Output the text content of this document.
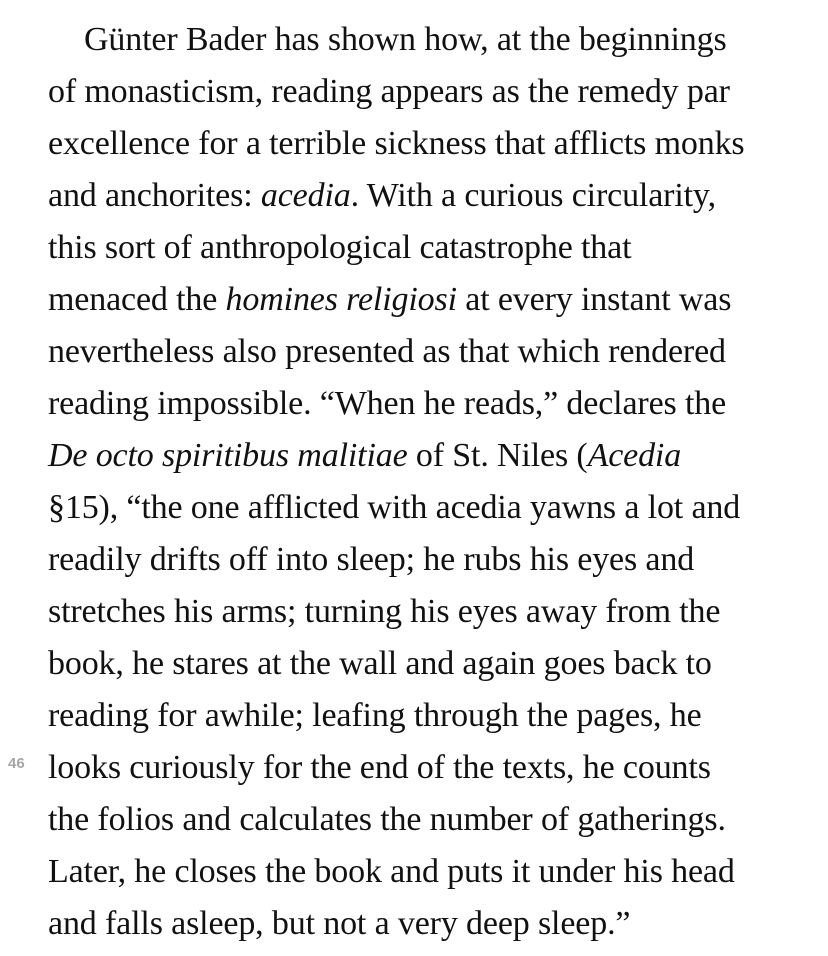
46

Günter Bader has shown how, at the beginnings
of monasticism, reading appears as the remedy par
excellence for a terrible sickness that afflicts monks
and anchorites: acedia. With a curious circularity,
this sort of anthropological catastrophe that
menaced the homines religiosi at every instant was
nevertheless also presented as that which rendered
reading impossible. “When he reads,” declares the
De octo spiritibus malitiae of St. Niles (Acedia
§15), “the one afflicted with acedia yawns a lot and
readily drifts off into sleep; he rubs his eyes and
stretches his arms; turning his eyes away from the
book, he stares at the wall and again goes back to
reading for awhile; leafing through the pages, he
looks curiously for the end of the texts, he counts
the folios and calculates the number of gatherings.
Later, he closes the book and puts it under his head
and falls asleep, but not a very deep sleep.”
